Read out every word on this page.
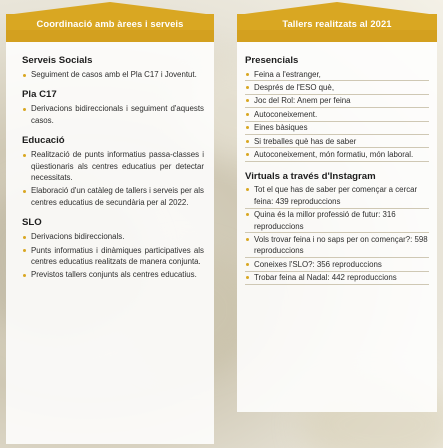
Coordinació amb àrees i serveis
Serveis Socials
Seguiment de casos amb el Pla C17 i Joventut.
Pla C17
Derivacions bidireccionals i seguiment d'aquests casos.
Educació
Realització de punts informatius passa-classes i qüestionaris als centres educatius per detectar necessitats.
Elaboració d'un catàleg de tallers i serveis per als centres educatius de secundària per al 2022.
SLO
Derivacions bidireccionals.
Punts informatius i dinàmiques participatives als centres educatius realitzats de manera conjunta.
Previstos tallers conjunts als centres educatius.
Tallers realitzats al 2021
Presencials
Feina a l'estranger,
Després de l'ESO què,
Joc del Rol: Anem per feina
Autoconeixement.
Eines bàsiques
Si treballes què has de saber
Autoconeixement, món formatiu, món laboral.
Virtuals a través d'Instagram
Tot el que has de saber per començar a cercar feina: 439 reproduccions
Quina és la millor professió de futur: 316 reproduccions
Vols trovar feina i no saps per on començar?: 598 reproduccions
Coneixes l'SLO?: 356 reproduccions
Trobar feina al Nadal: 442 reproduccions
